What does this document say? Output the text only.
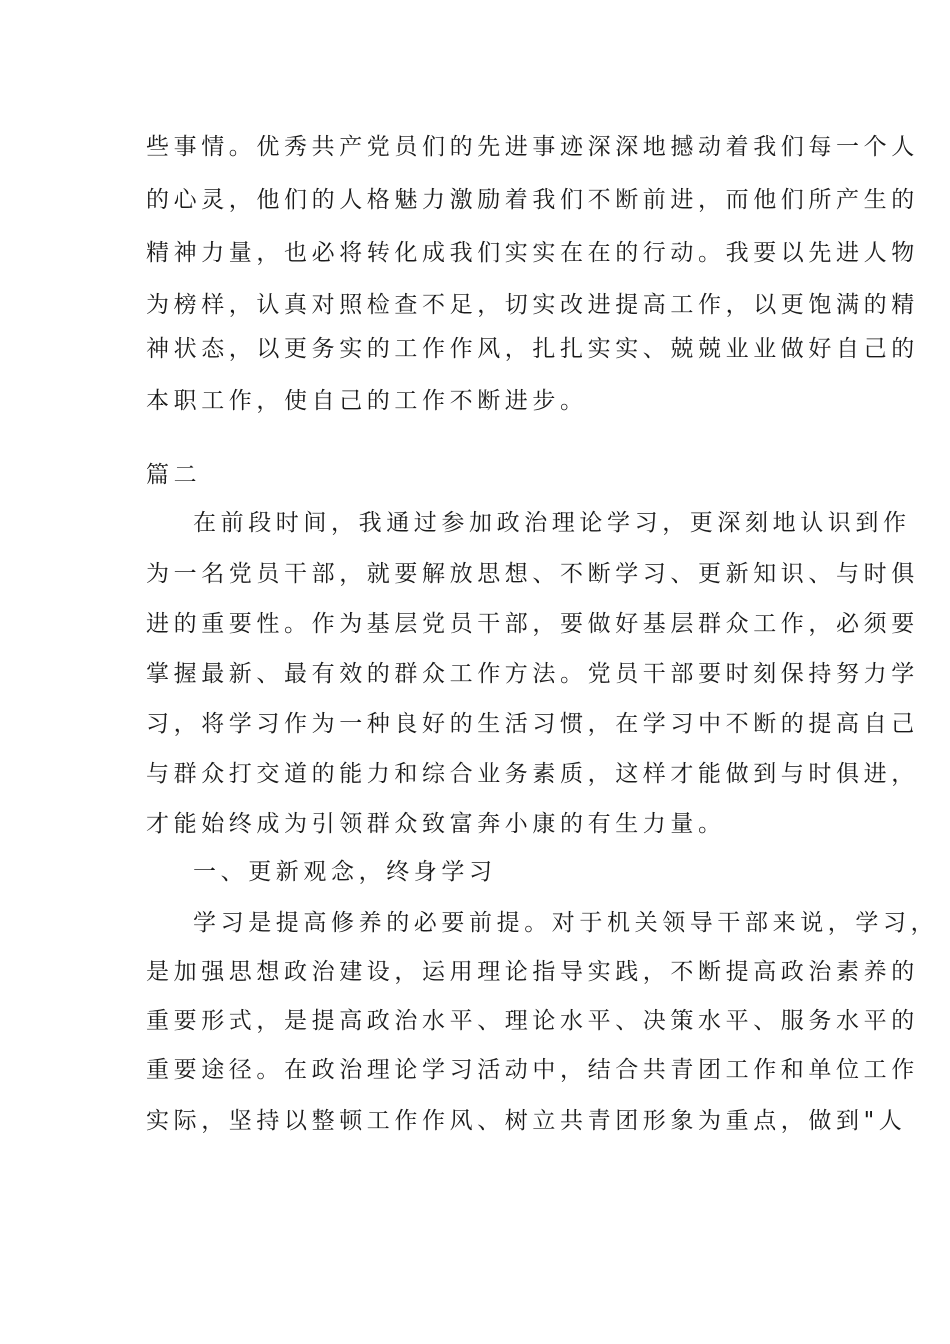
些事情。优秀共产党员们的先进事迹深深地撼动着我们每一个人
的心灵，他们的人格魅力激励着我们不断前进，而他们所产生的
精神力量，也必将转化成我们实实在在的行动。我要以先进人物
为榜样，认真对照检查不足，切实改进提高工作，以更饱满的精
神状态，以更务实的工作作风，扎扎实实、兢兢业业做好自己的
本职工作，使自己的工作不断进步。
篇二
在前段时间，我通过参加政治理论学习，更深刻地认识到作
为一名党员干部，就要解放思想、不断学习、更新知识、与时俱
进的重要性。作为基层党员干部，要做好基层群众工作，必须要
掌握最新、最有效的群众工作方法。党员干部要时刻保持努力学
习，将学习作为一种良好的生活习惯，在学习中不断的提高自己
与群众打交道的能力和综合业务素质，这样才能做到与时俱进，
才能始终成为引领群众致富奔小康的有生力量。
一、更新观念，终身学习
学习是提高修养的必要前提。对于机关领导干部来说，学习，
是加强思想政治建设，运用理论指导实践，不断提高政治素养的
重要形式，是提高政治水平、理论水平、决策水平、服务水平的
重要途径。在政治理论学习活动中，结合共青团工作和单位工作
实际，坚持以整顿工作作风、树立共青团形象为重点，做到"人
